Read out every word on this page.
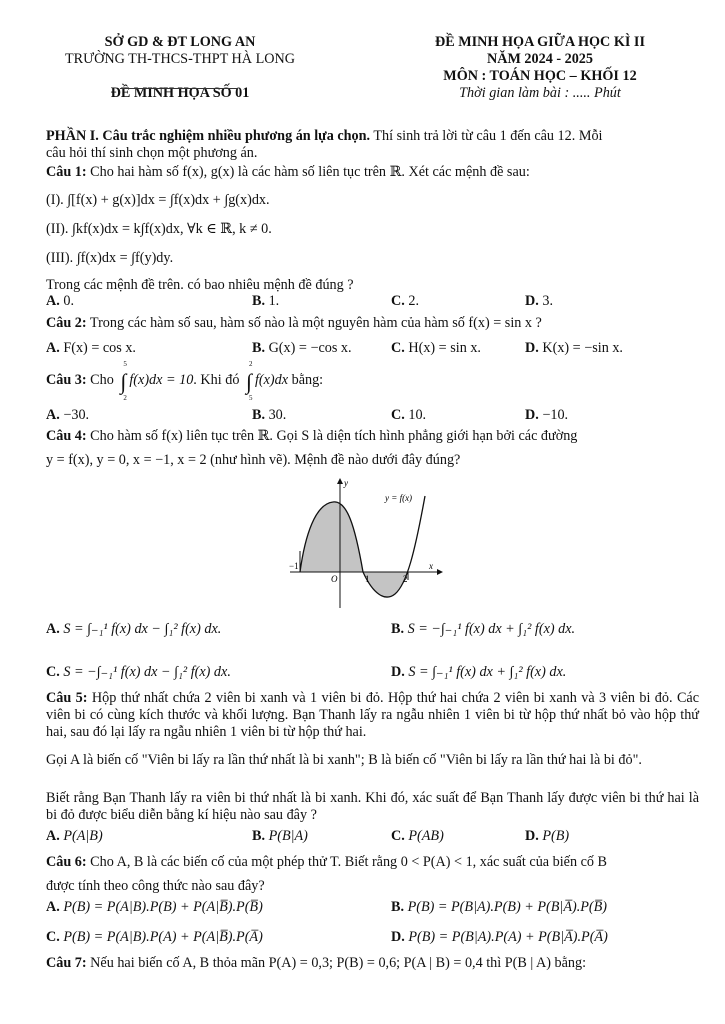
SỞ GD & ĐT LONG AN
TRƯỜNG TH-THCS-THPT HÀ LONG
ĐỀ MINH HỌA SỐ 01
ĐỀ MINH HỌA GIỮA HỌC KÌ II
NĂM 2024 - 2025
MÔN : TOÁN HỌC – KHỐI 12
Thời gian làm bài : ..... Phút
PHẦN I. Câu trắc nghiệm nhiều phương án lựa chọn. Thí sinh trả lời từ câu 1 đến câu 12. Mỗi
câu hỏi thí sinh chọn một phương án.
Câu 1: Cho hai hàm số f(x), g(x) là các hàm số liên tục trên ℝ. Xét các mệnh đề sau:
(I). ∫[f(x) + g(x)]dx = ∫f(x)dx + ∫g(x)dx.
(II). ∫kf(x)dx = k∫f(x)dx, ∀k ∈ ℝ, k ≠ 0.
(III). ∫f(x)dx = ∫f(y)dy.
Trong các mệnh đề trên. có bao nhiêu mệnh đề đúng ?
A. 0.	B. 1.	C. 2.	D. 3.
Câu 2: Trong các hàm số sau, hàm số nào là một nguyên hàm của hàm số f(x) = sin x ?
A. F(x) = cos x.	B. G(x) = −cos x.	C. H(x) = sin x.	D. K(x) = −sin x.
Câu 3: Cho ∫
5
2
f(x)dx = 10. Khi đó ∫
2
5
f(x)dx bằng:
A. −30.	B. 30.	C. 10.	D. −10.
Câu 4: Cho hàm số f(x) liên tục trên ℝ. Gọi S là diện tích hình phẳng giới hạn bởi các đường
y = f(x), y = 0, x = −1, x = 2 (như hình vẽ). Mệnh đề nào dưới đây đúng?
y
x
y = f(x)
−1
O	1	2
A. S = ∫₋₁¹ f(x) dx − ∫₁² f(x) dx.	B. S = −∫₋₁¹ f(x) dx + ∫₁² f(x) dx.
C. S = −∫₋₁¹ f(x) dx − ∫₁² f(x) dx.	D. S = ∫₋₁¹ f(x) dx + ∫₁² f(x) dx.
Câu 5: Hộp thứ nhất chứa 2 viên bi xanh và 1 viên bi đỏ. Hộp thứ hai chứa 2 viên bi xanh và 3 viên bi đỏ. Các viên bi có cùng kích thước và khối lượng. Bạn Thanh lấy ra ngẫu nhiên 1 viên bi từ hộp thứ nhất bỏ vào hộp thứ hai, sau đó lại lấy ra ngẫu nhiên 1 viên bi từ hộp thứ hai.
Gọi A là biến cố "Viên bi lấy ra lần thứ nhất là bi xanh"; B là biến cố "Viên bi lấy ra lần thứ hai là bi đỏ".
Biết rằng Bạn Thanh lấy ra viên bi thứ nhất là bi xanh. Khi đó, xác suất để Bạn Thanh lấy được viên bi thứ hai là bi đỏ được biểu diễn bằng kí hiệu nào sau đây ?
A. P(A|B)	B. P(B|A)	C. P(AB)	D. P(B)
Câu 6: Cho A, B là các biến cố của một phép thử T. Biết rằng 0 < P(A) < 1, xác suất của biến cố B
được tính theo công thức nào sau đây?
A. P(B) = P(A|B).P(B) + P(A|B̅).P(B̅)	B. P(B) = P(B|A).P(B) + P(B|A̅).P(B̅)
C. P(B) = P(A|B).P(A) + P(A|B̅).P(A̅)	D. P(B) = P(B|A).P(A) + P(B|A̅).P(A̅)
Câu 7: Nếu hai biến cố A, B thỏa mãn P(A) = 0,3; P(B) = 0,6; P(A | B) = 0,4 thì P(B | A) bằng:
